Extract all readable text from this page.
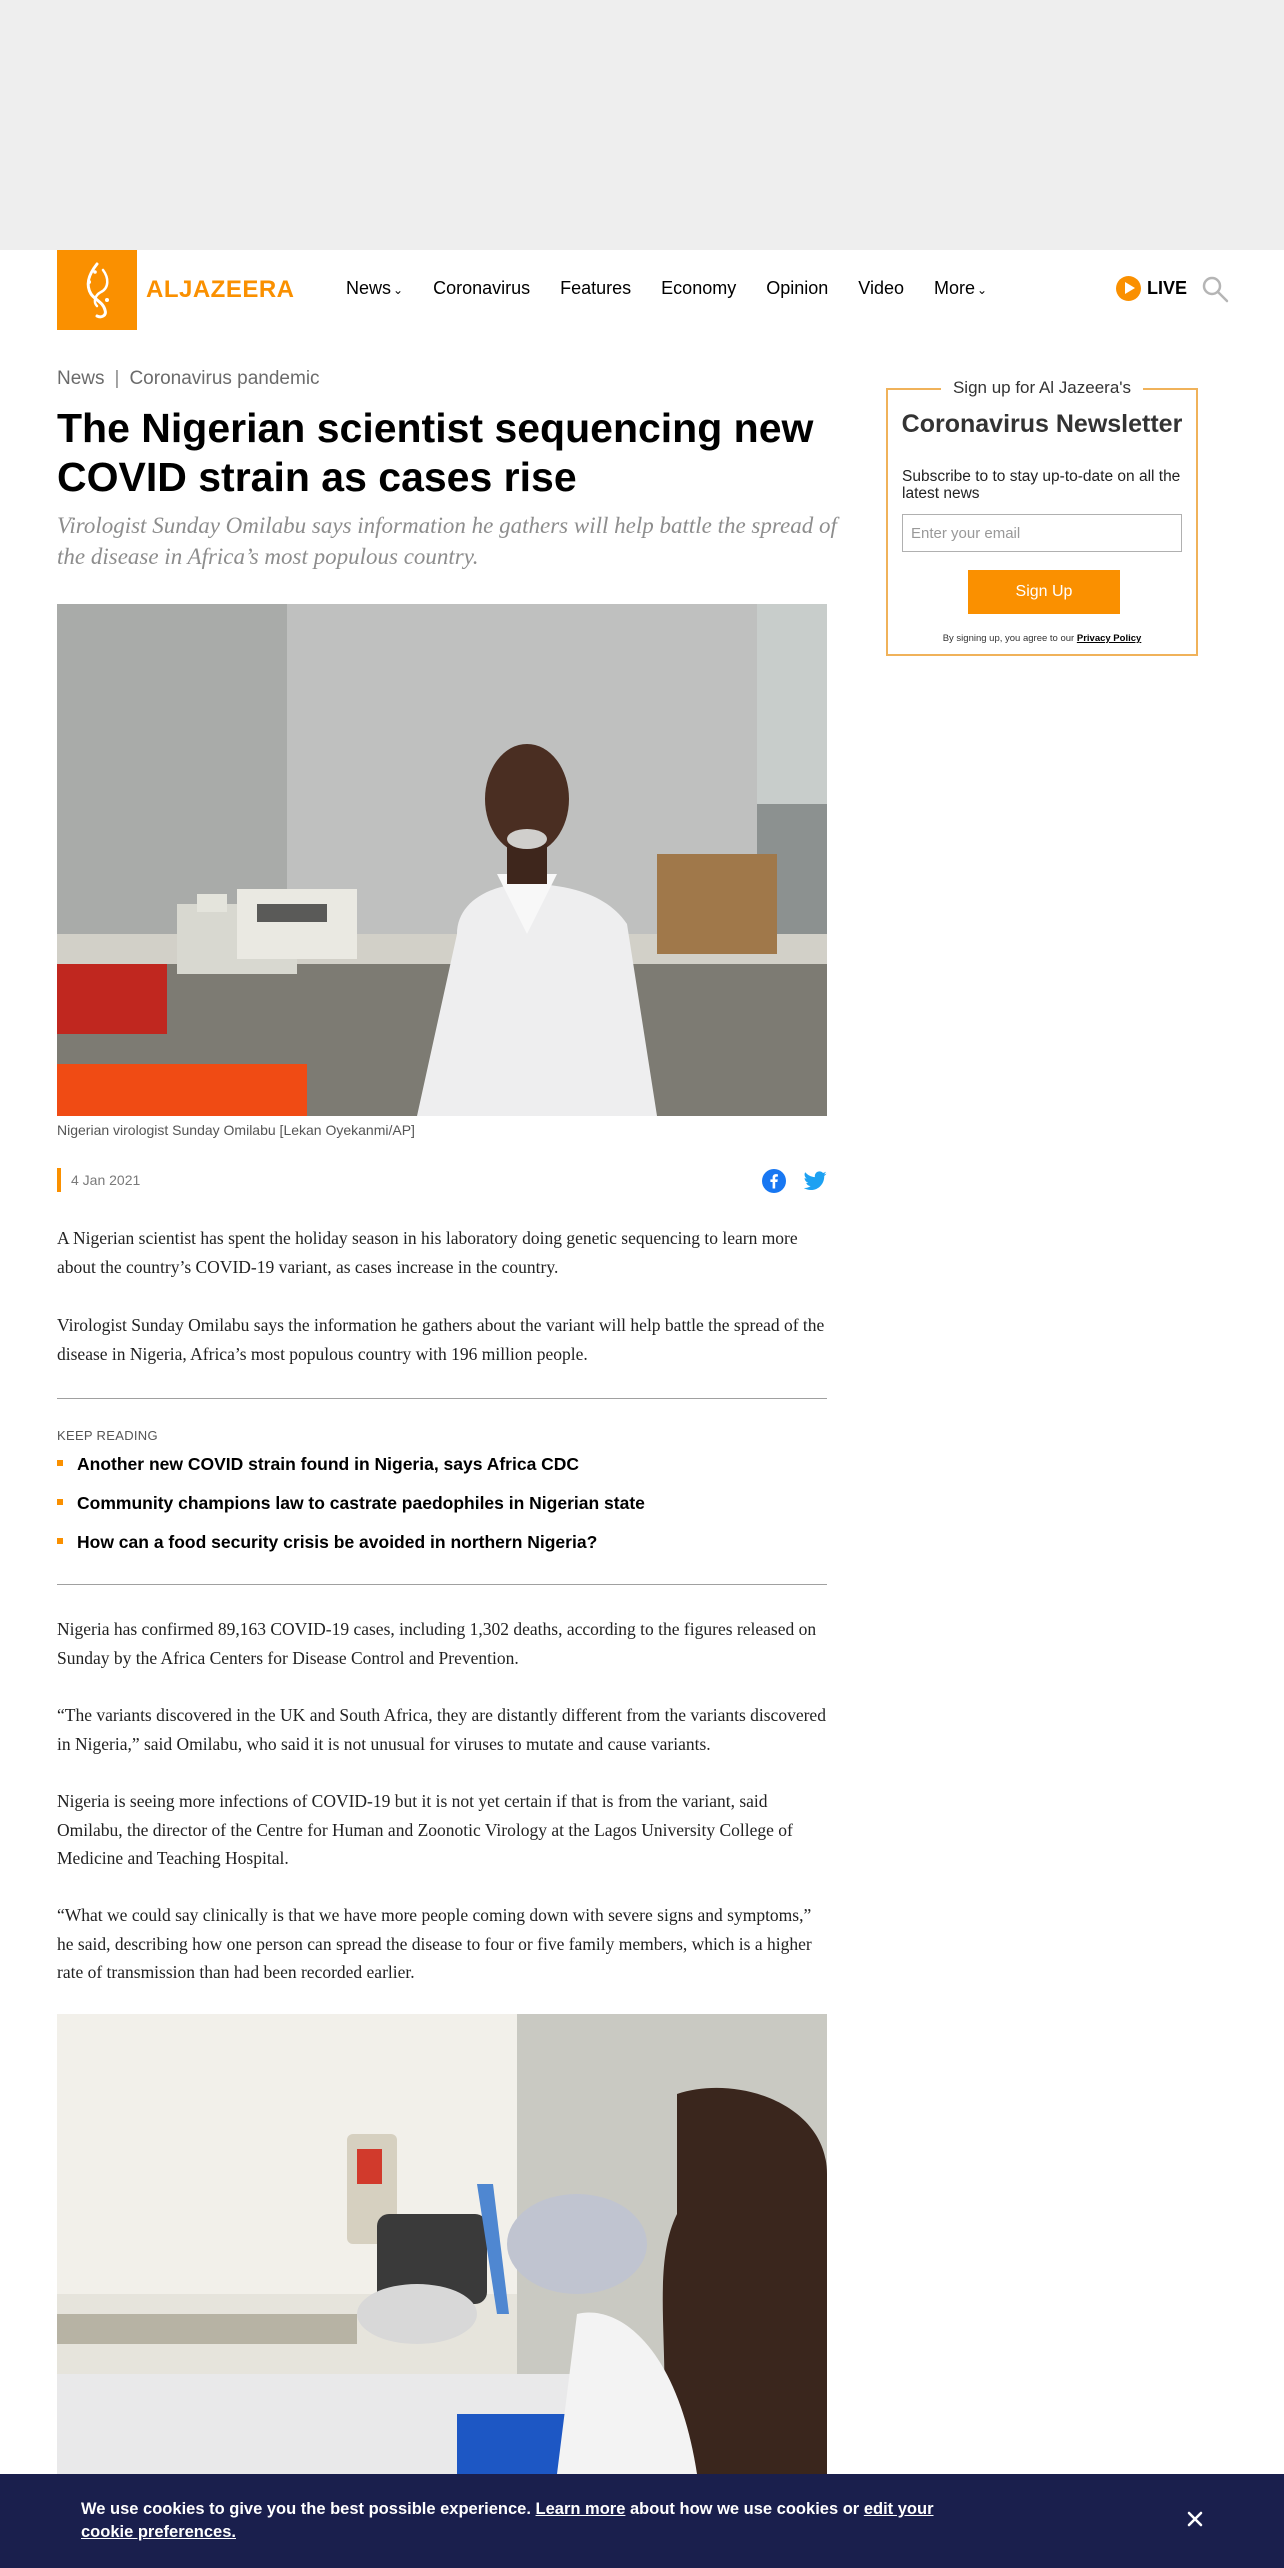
ALJAZEERA	News ⌄ Coronavirus Features Economy Opinion Video More ⌄	LIVE
News | Coronavirus pandemic
The Nigerian scientist sequencing new COVID strain as cases rise

Virologist Sunday Omilabu says information he gathers will help battle the spread of the disease in Africa’s most populous country.

Nigerian virologist Sunday Omilabu [Lekan Oyekanmi/AP]
4 Jan 2021

A Nigerian scientist has spent the holiday season in his laboratory doing genetic sequencing to learn more about the country’s COVID-19 variant, as cases increase in the country.

Virologist Sunday Omilabu says the information he gathers about the variant will help battle the spread of the disease in Nigeria, Africa’s most populous country with 196 million people.

KEEP READING
Another new COVID strain found in Nigeria, says Africa CDC
Community champions law to castrate paedophiles in Nigerian state
How can a food security crisis be avoided in northern Nigeria?

Nigeria has confirmed 89,163 COVID-19 cases, including 1,302 deaths, according to the figures released on Sunday by the Africa Centers for Disease Control and Prevention.

“The variants discovered in the UK and South Africa, they are distantly different from the variants discovered in Nigeria,” said Omilabu, who said it is not unusual for viruses to mutate and cause variants.

Nigeria is seeing more infections of COVID-19 but it is not yet certain if that is from the variant, said Omilabu, the director of the Centre for Human and Zoonotic Virology at the Lagos University College of Medicine and Teaching Hospital.

“What we could say clinically is that we have more people coming down with severe signs and symptoms,” he said, describing how one person can spread the disease to four or five family members, which is a higher rate of transmission than had been recorded earlier.

Sign up for Al Jazeera's
Coronavirus Newsletter
Subscribe to to stay up-to-date on all the latest news
Enter your email
Sign Up
By signing up, you agree to our Privacy Policy
We use cookies to give you the best possible experience. Learn more about how we use cookies or edit your cookie preferences.
